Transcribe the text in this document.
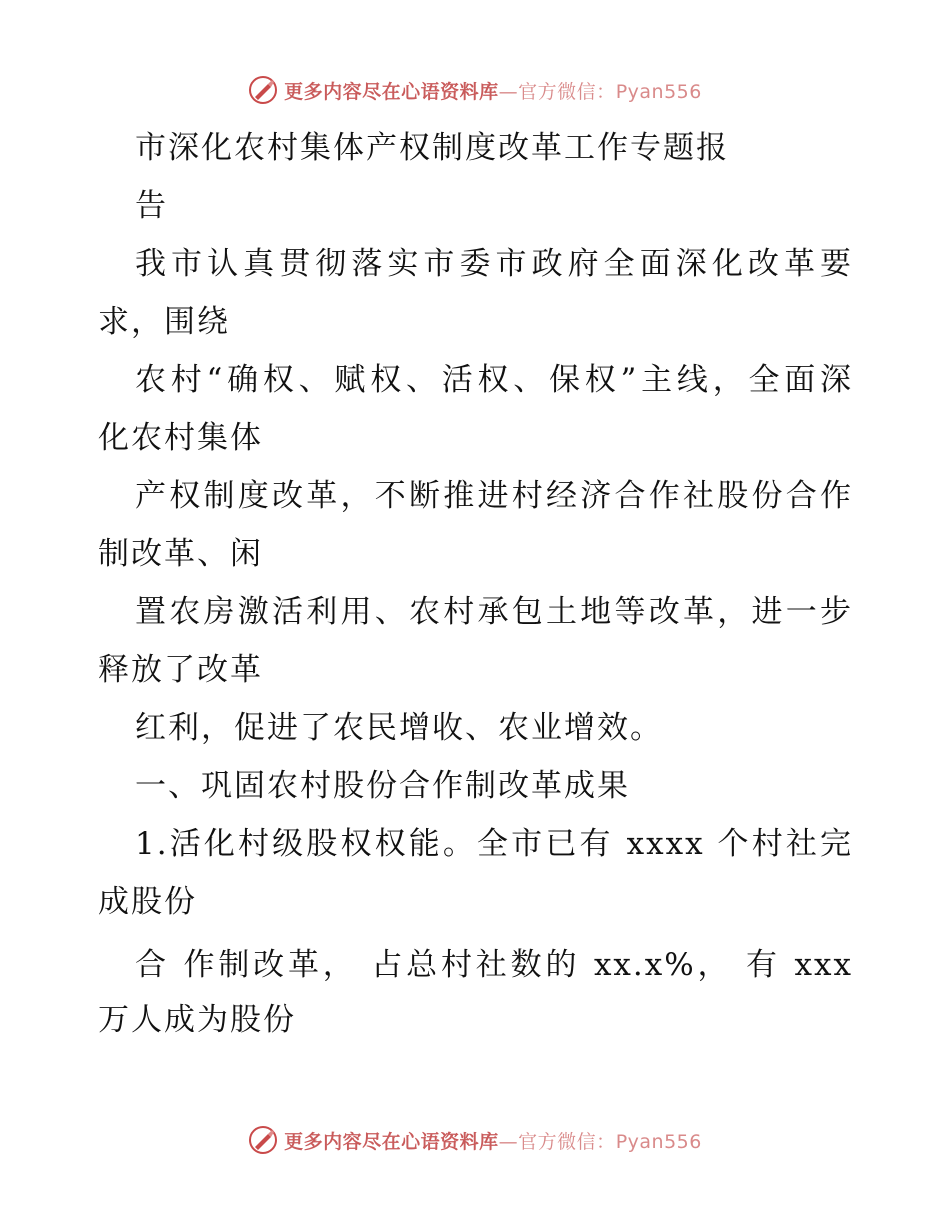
更多内容尽在心语资料库—官方微信：Pyan556
市深化农村集体产权制度改革工作专题报
告
我市认真贯彻落实市委市政府全面深化改革要
求，围绕
农村“确权、赋权、活权、保权”主线，全面深
化农村集体
产权制度改革，不断推进村经济合作社股份合作
制改革、闲
置农房激活利用、农村承包土地等改革，进一步
释放了改革
红利，促进了农民增收、农业增效。
一、巩固农村股份合作制改革成果
1.活化村级股权权能。全市已有 xxxx 个村社完
成股份
合 作制改革， 占总村社数的 xx.x%， 有 xxx
万人成为股份
更多内容尽在心语资料库—官方微信：Pyan556
